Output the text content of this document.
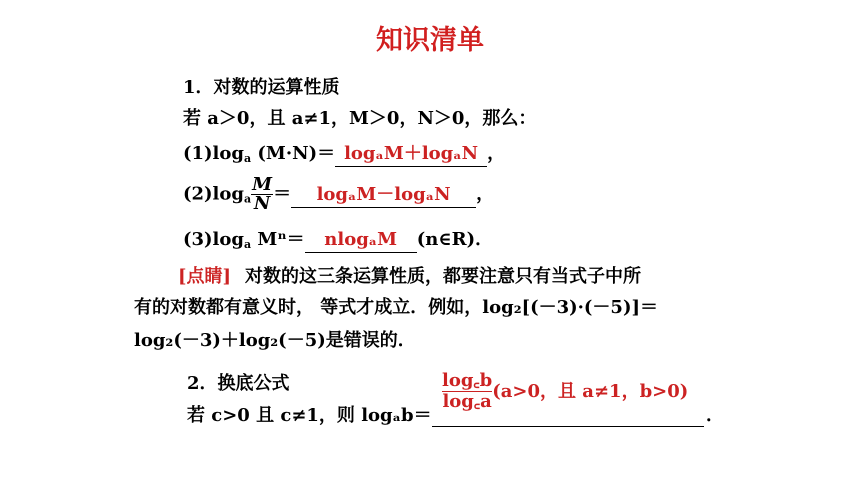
知识清单
1．对数的运算性质
若 a＞0，且 a≠1，M＞0，N＞0，那么：
$(1)\log_a$ (M·N)＝ logₐM＋logₐN ，
$(2)\log_a \frac{M}{N} = \log_aM-\log_aN$ ，
$(3)\log_a$ Mⁿ＝ nlogₐM (n∈R)．
[点睛] 对数的这三条运算性质，都要注意只有当式子中所
有的对数都有意义时， 等式才成立．例如，log₂[(－3)·(－5)]＝
log₂(－3)＋log₂(－5)是错误的．
2．换底公式
若 c>0 且 c≠1，则 logₐb＝
$\frac{\log꜀b}{\log꜀a} (a>0$，且 a≠1，b>0)
．
